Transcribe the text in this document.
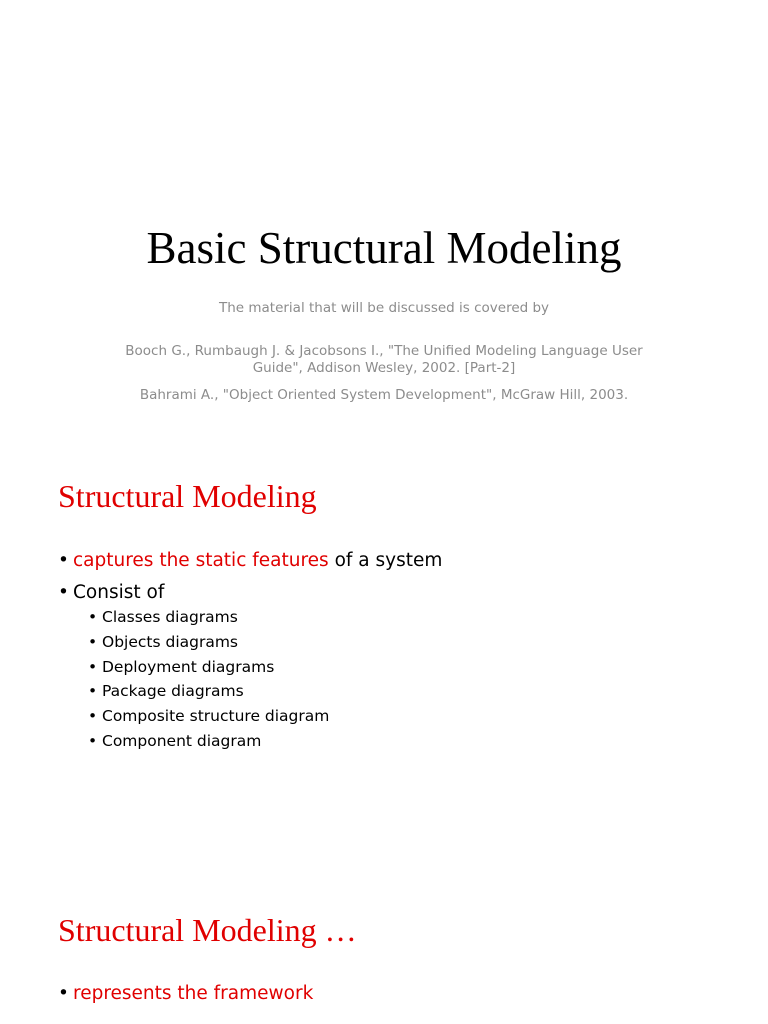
Basic Structural Modeling

The material that will be discussed is covered by

Booch G., Rumbaugh J. & Jacobsons I., "The Unified Modeling Language User Guide", Addison Wesley, 2002. [Part-2]

Bahrami A., "Object Oriented System Development", McGraw Hill, 2003.

Structural Modeling
• captures the static features of a system
• Consist of
• Classes diagrams
• Objects diagrams
• Deployment diagrams
• Package diagrams
• Composite structure diagram
• Component diagram
Structural Modeling …
• represents the framework
